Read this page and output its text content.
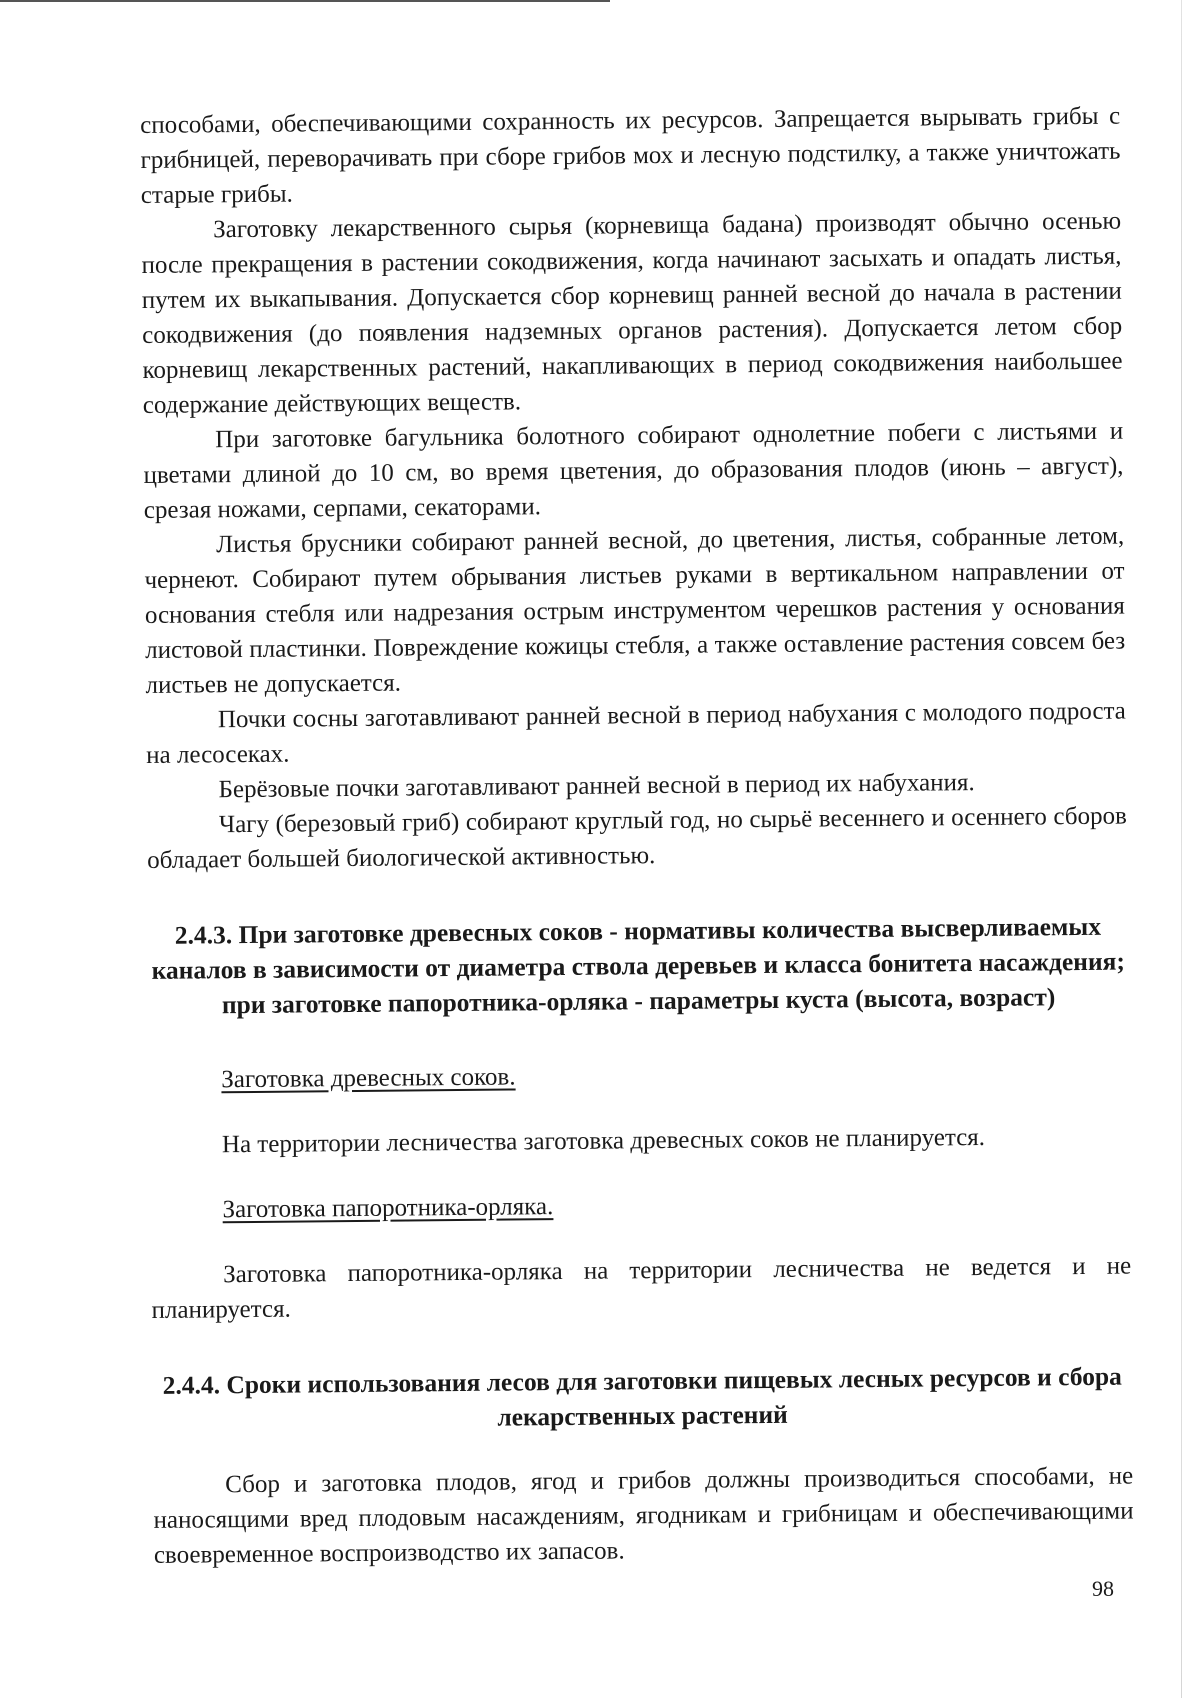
способами, обеспечивающими сохранность их ресурсов. Запрещается вырывать грибы с грибницей, переворачивать при сборе грибов мох и лесную подстилку, а также уничтожать старые грибы.

Заготовку лекарственного сырья (корневища бадана) производят обычно осенью после прекращения в растении сокодвижения, когда начинают засыхать и опадать листья, путем их выкапывания. Допускается сбор корневищ ранней весной до начала в растении сокодвижения (до появления надземных органов растения). Допускается летом сбор корневищ лекарственных растений, накапливающих в период сокодвижения наибольшее содержание действующих веществ.

При заготовке багульника болотного собирают однолетние побеги с листьями и цветами длиной до 10 см, во время цветения, до образования плодов (июнь – август), срезая ножами, серпами, секаторами.

Листья брусники собирают ранней весной, до цветения, листья, собранные летом, чернеют. Собирают путем обрывания листьев руками в вертикальном направлении от основания стебля или надрезания острым инструментом черешков растения у основания листовой пластинки. Повреждение кожицы стебля, а также оставление растения совсем без листьев не допускается.

Почки сосны заготавливают ранней весной в период набухания с молодого подроста на лесосеках.

Берёзовые почки заготавливают ранней весной в период их набухания.

Чагу (березовый гриб) собирают круглый год, но сырьё весеннего и осеннего сборов обладает большей биологической активностью.

2.4.3. При заготовке древесных соков - нормативы количества высверливаемых каналов в зависимости от диаметра ствола деревьев и класса бонитета насаждения; при заготовке папоротника-орляка - параметры куста (высота, возраст)

Заготовка древесных соков.

На территории лесничества заготовка древесных соков не планируется.

Заготовка папоротника-орляка.

Заготовка папоротника-орляка на территории лесничества не ведется и не планируется.

2.4.4. Сроки использования лесов для заготовки пищевых лесных ресурсов и сбора лекарственных растений

Сбор и заготовка плодов, ягод и грибов должны производиться способами, не наносящими вред плодовым насаждениям, ягодникам и грибницам и обеспечивающими своевременное воспроизводство их запасов.

98
